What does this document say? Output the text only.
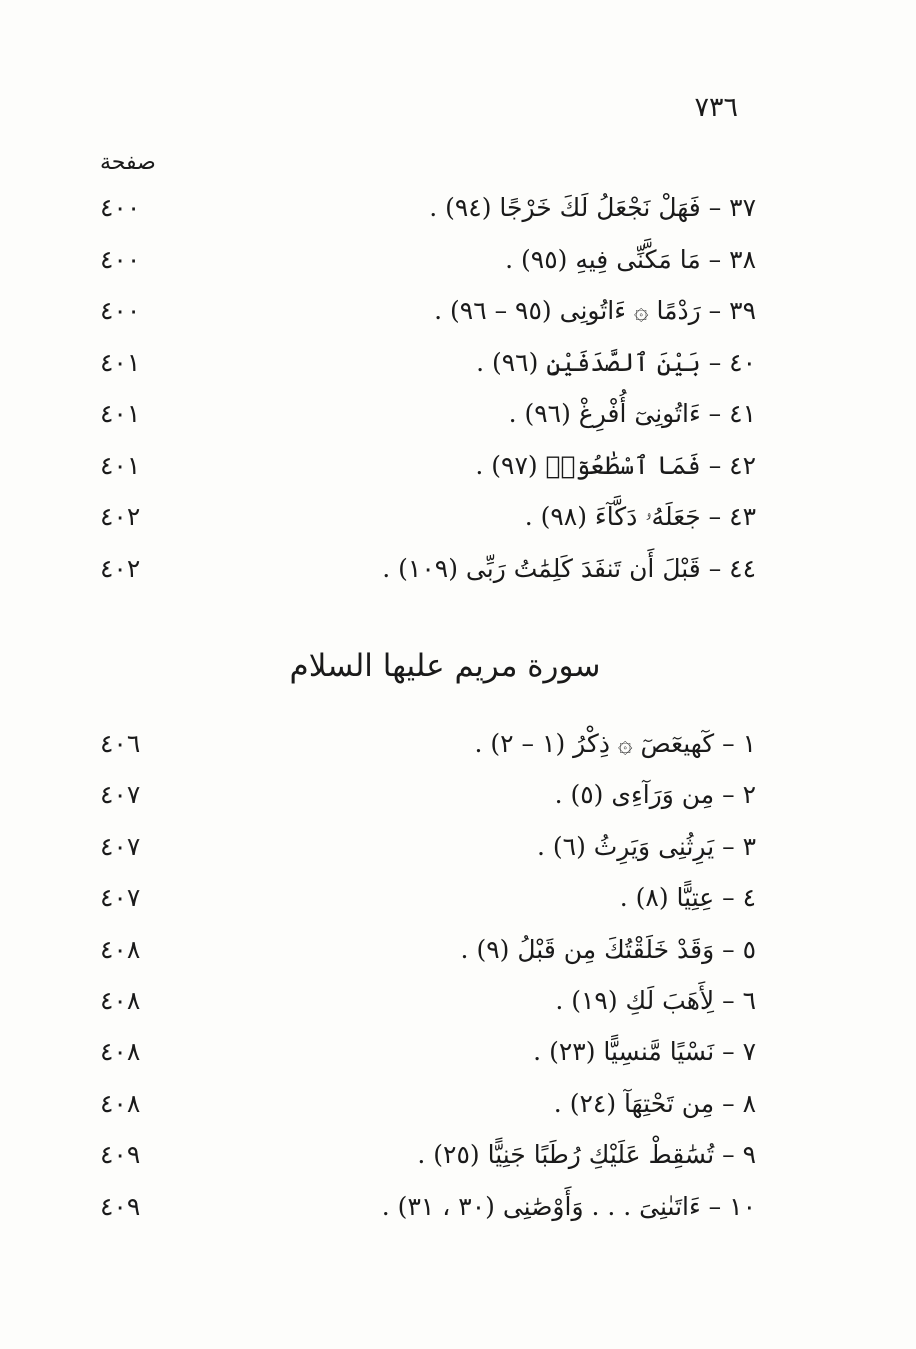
٧٣٦
صفحة
٣٧ – فَهَلْ نَجْعَلُ لَكَ خَرْجًا (٩٤) .
٤٠٠
٣٨ – مَا مَكَّنِّى فِيهِ (٩٥) .
٤٠٠
٣٩ – رَدْمًا ۞ ءَاتُونِى (٩٥ – ٩٦) .
٤٠٠
٤٠ – بَيْنَ ٱلصَّدَفَيْنِ (٩٦) .
٤٠١
٤١ – ءَاتُونِىٓ أُفْرِغْ (٩٦) .
٤٠١
٤٢ – فَمَا ٱسْطَٰعُوٓا۟ (٩٧) .
٤٠١
٤٣ – جَعَلَهُۥ دَكَّآءَ (٩٨) .
٤٠٢
٤٤ – قَبْلَ أَن تَنفَدَ كَلِمَٰتُ رَبِّى (١٠٩) .
٤٠٢
سورة مريم عليها السلام
١ – كٓهيعٓصٓ ۞ ذِكْرُ (١ – ٢) .
٤٠٦
٢ – مِن وَرَآءِى (٥) .
٤٠٧
٣ – يَرِثُنِى وَيَرِثُ (٦) .
٤٠٧
٤ – عِتِيًّا (٨) .
٤٠٧
٥ – وَقَدْ خَلَقْتُكَ مِن قَبْلُ (٩) .
٤٠٨
٦ – لِأَهَبَ لَكِ (١٩) .
٤٠٨
٧ – نَسْيًا مَّنسِيًّا (٢٣) .
٤٠٨
٨ – مِن تَحْتِهَآ (٢٤) .
٤٠٨
٩ – تُسَٰقِطْ عَلَيْكِ رُطَبًا جَنِيًّا (٢٥) .
٤٠٩
١٠ – ءَاتَىٰنِىَ . . . وَأَوْصَٰنِى (٣٠ ، ٣١) .
٤٠٩
